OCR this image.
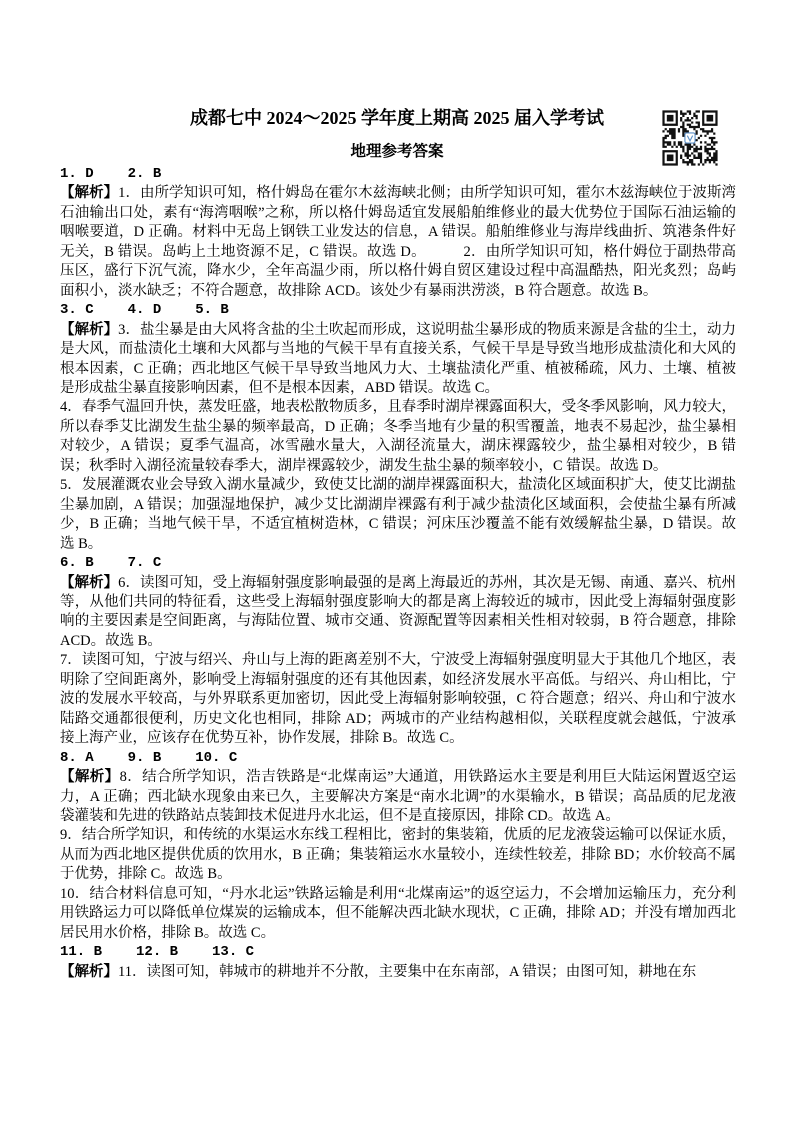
成都七中 2024～2025 学年度上期高 2025 届入学考试
地理参考答案
1. D 2. B

【解析】1．由所学知识可知，格什姆岛在霍尔木兹海峡北侧；由所学知识可知，霍尔木兹海峡位于波斯湾石油输出口处，素有“海湾咽喉”之称，所以格什姆岛适宜发展船舶维修业的最大优势位于国际石油运输的咽喉要道，D 正确。材料中无岛上钢铁工业发达的信息，A 错误。船舶维修业与海岸线曲折、筑港条件好无关，B 错误。岛屿上土地资源不足，C 错误。故选 D。	2．由所学知识可知，格什姆位于副热带高压区，盛行下沉气流，降水少，全年高温少雨，所以格什姆自贸区建设过程中高温酷热，阳光炙烈；岛屿面积小，淡水缺乏；不符合题意，故排除 ACD。该处少有暴雨洪涝淡，B 符合题意。故选 B。

3. C 4. D 5. B

【解析】3．盐尘暴是由大风将含盐的尘土吹起而形成，这说明盐尘暴形成的物质来源是含盐的尘土，动力是大风，而盐渍化土壤和大风都与当地的气候干旱有直接关系，气候干旱是导致当地形成盐渍化和大风的根本因素，C 正确；西北地区气候干旱导致当地风力大、土壤盐渍化严重、植被稀疏，风力、土壤、植被是形成盐尘暴直接影响因素，但不是根本因素，ABD 错误。故选 C。

4．春季气温回升快，蒸发旺盛，地表松散物质多，且春季时湖岸裸露面积大，受冬季风影响，风力较大，所以春季艾比湖发生盐尘暴的频率最高，D 正确；冬季当地有少量的积雪覆盖，地表不易起沙，盐尘暴相对较少，A 错误；夏季气温高，冰雪融水量大，入湖径流量大，湖床裸露较少，盐尘暴相对较少，B 错误；秋季时入湖径流量较春季大，湖岸裸露较少，湖发生盐尘暴的频率较小，C 错误。故选 D。

5．发展灌溉农业会导致入湖水量减少，致使艾比湖的湖岸裸露面积大，盐渍化区域面积扩大，使艾比湖盐尘暴加剧，A 错误；加强湿地保护，减少艾比湖湖岸裸露有利于减少盐渍化区域面积，会使盐尘暴有所减少，B 正确；当地气候干旱，不适宜植树造林，C 错误；河床压沙覆盖不能有效缓解盐尘暴，D 错误。故选 B。

6. B 7. C

【解析】6．读图可知，受上海辐射强度影响最强的是离上海最近的苏州，其次是无锡、南通、嘉兴、杭州等，从他们共同的特征看，这些受上海辐射强度影响大的都是离上海较近的城市，因此受上海辐射强度影响的主要因素是空间距离，与海陆位置、城市交通、资源配置等因素相关性相对较弱，B 符合题意，排除 ACD。故选 B。

7．读图可知，宁波与绍兴、舟山与上海的距离差别不大，宁波受上海辐射强度明显大于其他几个地区，表明除了空间距离外，影响受上海辐射强度的还有其他因素，如经济发展水平高低。与绍兴、舟山相比，宁波的发展水平较高，与外界联系更加密切，因此受上海辐射影响较强，C 符合题意；绍兴、舟山和宁波水陆路交通都很便利，历史文化也相同，排除 AD；两城市的产业结构越相似，关联程度就会越低，宁波承接上海产业，应该存在优势互补，协作发展，排除 B。故选 C。

8. A 9. B 10. C

【解析】8．结合所学知识，浩吉铁路是“北煤南运”大通道，用铁路运水主要是利用巨大陆运闲置返空运力，A 正确；西北缺水现象由来已久，主要解决方案是“南水北调”的水渠输水，B 错误；高品质的尼龙液袋灌装和先进的铁路站点装卸技术促进丹水北运，但不是直接原因，排除 CD。故选 A。

9．结合所学知识，和传统的水渠运水东线工程相比，密封的集装箱，优质的尼龙液袋运输可以保证水质，从而为西北地区提供优质的饮用水，B 正确；集装箱运水水量较小，连续性较差，排除 BD；水价较高不属于优势，排除 C。故选 B。

10．结合材料信息可知，“丹水北运”铁路运输是利用“北煤南运”的返空运力，不会增加运输压力，充分利用铁路运力可以降低单位煤炭的运输成本，但不能解决西北缺水现状，C 正确，排除 AD；并没有增加西北居民用水价格，排除 B。故选 C。

11. B 12. B 13. C

【解析】11．读图可知，韩城市的耕地并不分散，主要集中在东南部，A 错误；由图可知，耕地在东
